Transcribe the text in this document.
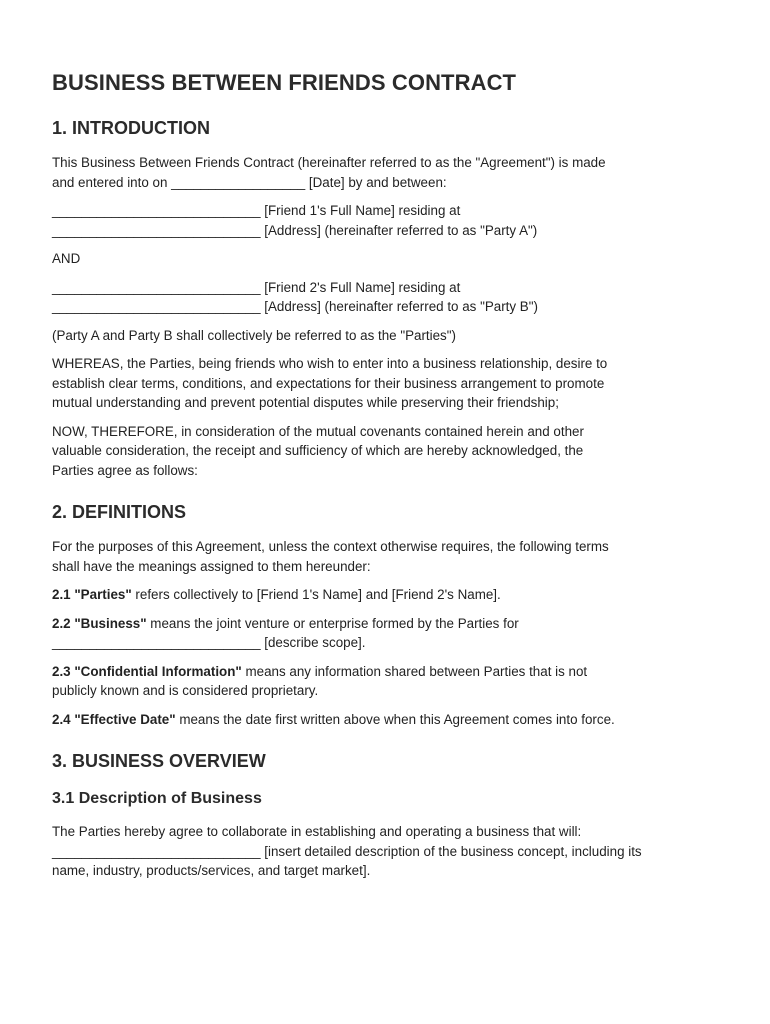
BUSINESS BETWEEN FRIENDS CONTRACT
1. INTRODUCTION

This Business Between Friends Contract (hereinafter referred to as the "Agreement") is made
and entered into on __________________ [Date] by and between:

____________________________ [Friend 1's Full Name] residing at
____________________________ [Address] (hereinafter referred to as "Party A")

AND

____________________________ [Friend 2's Full Name] residing at
____________________________ [Address] (hereinafter referred to as "Party B")

(Party A and Party B shall collectively be referred to as the "Parties")

WHEREAS, the Parties, being friends who wish to enter into a business relationship, desire to
establish clear terms, conditions, and expectations for their business arrangement to promote
mutual understanding and prevent potential disputes while preserving their friendship;

NOW, THEREFORE, in consideration of the mutual covenants contained herein and other
valuable consideration, the receipt and sufficiency of which are hereby acknowledged, the
Parties agree as follows:

2. DEFINITIONS

For the purposes of this Agreement, unless the context otherwise requires, the following terms
shall have the meanings assigned to them hereunder:

2.1 "Parties" refers collectively to [Friend 1's Name] and [Friend 2's Name].

2.2 "Business" means the joint venture or enterprise formed by the Parties for
____________________________ [describe scope].

2.3 "Confidential Information" means any information shared between Parties that is not
publicly known and is considered proprietary.

2.4 "Effective Date" means the date first written above when this Agreement comes into force.

3. BUSINESS OVERVIEW
3.1 Description of Business

The Parties hereby agree to collaborate in establishing and operating a business that will:
____________________________ [insert detailed description of the business concept, including its
name, industry, products/services, and target market].
